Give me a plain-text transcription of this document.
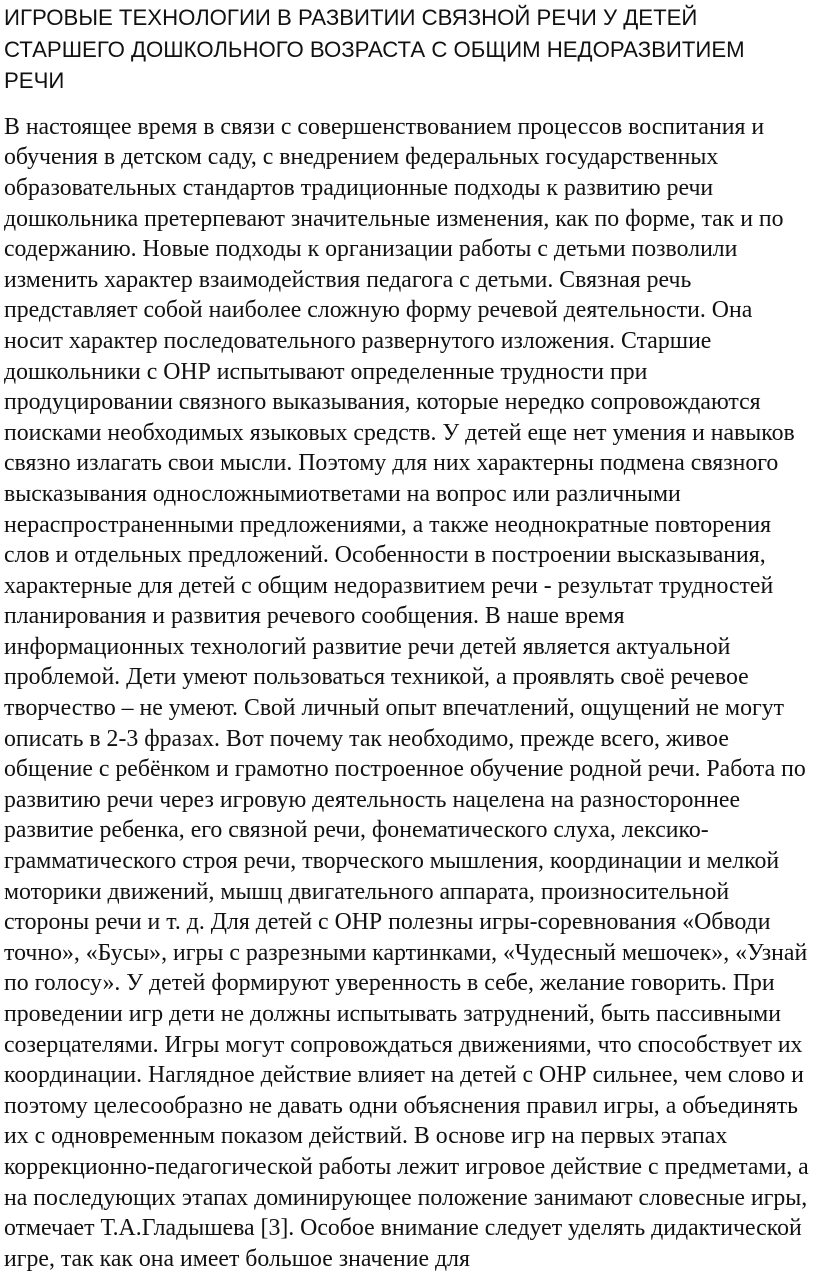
ИГРОВЫЕ ТЕХНОЛОГИИ В РАЗВИТИИ СВЯЗНОЙ РЕЧИ У ДЕТЕЙ СТАРШЕГО ДОШКОЛЬНОГО ВОЗРАСТА С ОБЩИМ НЕДОРАЗВИТИЕМ РЕЧИ

В настоящее время в связи с совершенствованием процессов воспитания и обучения в детском саду, с внедрением федеральных государственных образовательных стандартов традиционные подходы к развитию речи дошкольника претерпевают значительные изменения, как по форме, так и по содержанию. Новые подходы к организации работы с детьми позволили изменить характер взаимодействия педагога с детьми. Связная речь представляет собой наиболее сложную форму речевой деятельности. Она носит характер последовательного развернутого изложения. Старшие дошкольники с ОНР испытывают определенные трудности при продуцировании связного выказывания, которые нередко сопровождаются поисками необходимых языковых средств. У детей еще нет умения и навыков связно излагать свои мысли. Поэтому для них характерны подмена связного высказывания односложнымиответами на вопрос или различными нераспространенными предложениями, а также неоднократные повторения слов и отдельных предложений. Особенности в построении высказывания, характерные для детей с общим недоразвитием речи - результат трудностей планирования и развития речевого сообщения. В наше время информационных технологий развитие речи детей является актуальной проблемой. Дети умеют пользоваться техникой, а проявлять своё речевое творчество – не умеют. Свой личный опыт впечатлений, ощущений не могут описать в 2-3 фразах. Вот почему так необходимо, прежде всего, живое общение с ребёнком и грамотно построенное обучение родной речи. Работа по развитию речи через игровую деятельность нацелена на разностороннее развитие ребенка, его связной речи, фонематического слуха, лексико-грамматического строя речи, творческого мышления, координации и мелкой моторики движений, мышц двигательного аппарата, произносительной стороны речи и т. д. Для детей с ОНР полезны игры-соревнования «Обводи точно», «Бусы», игры с разрезными картинками, «Чудесный мешочек», «Узнай по голосу». У детей формируют уверенность в себе, желание говорить. При проведении игр дети не должны испытывать затруднений, быть пассивными созерцателями. Игры могут сопровождаться движениями, что способствует их координации. Наглядное действие влияет на детей с ОНР сильнее, чем слово и поэтому целесообразно не давать одни объяснения правил игры, а объединять их с одновременным показом действий. В основе игр на первых этапах коррекционно-педагогической работы лежит игровое действие с предметами, а на последующих этапах доминирующее положение занимают словесные игры, отмечает Т.А.Гладышева [3]. Особое внимание следует уделять дидактической игре, так как она имеет большое значение для
